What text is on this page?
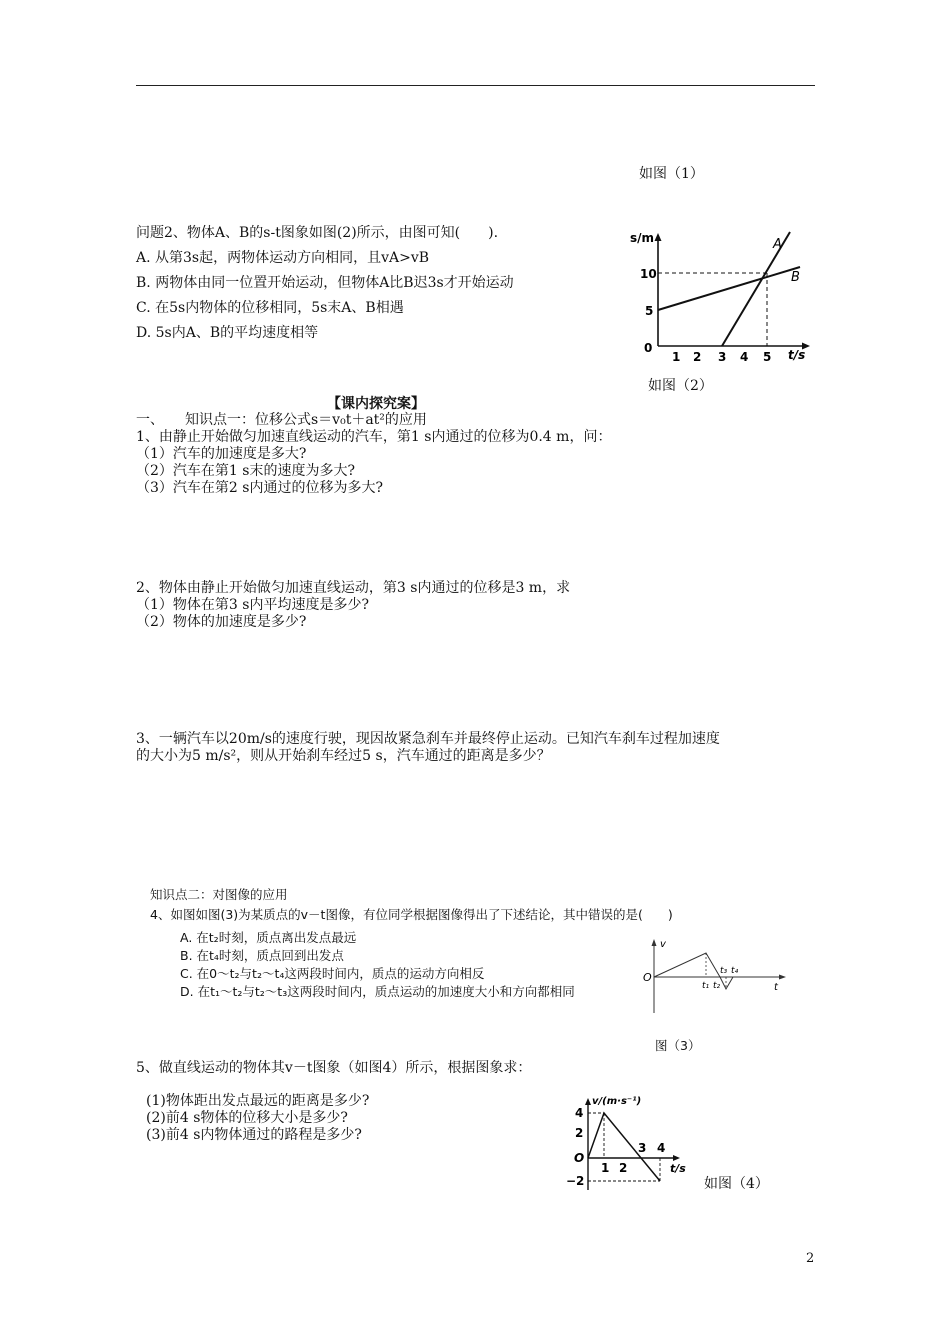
如图（1）
问题2、物体A、B的s-t图象如图(2)所示，由图可知(　　).
A. 从第3s起，两物体运动方向相同，且vA>vB
B. 两物体由同一位置开始运动，但物体A比B迟3s才开始运动
C. 在5s内物体的位移相同，5s末A、B相遇
D. 5s内A、B的平均速度相等
s/m
10
5
0
1 2 3 4 5 t/s
A
B
如图（2）
【课内探究案】
一、　　知识点一：位移公式s＝v₀t＋at²的应用
1、由静止开始做匀加速直线运动的汽车，第1 s内通过的位移为0.4 m，问：
（1）汽车的加速度是多大?
（2）汽车在第1 s末的速度为多大?
（3）汽车在第2 s内通过的位移为多大?
2、物体由静止开始做匀加速直线运动，第3 s内通过的位移是3 m，求
（1）物体在第3 s内平均速度是多少?
（2）物体的加速度是多少?
3、一辆汽车以20m/s的速度行驶，现因故紧急刹车并最终停止运动。已知汽车刹车过程加速度
的大小为5 m/s²，则从开始刹车经过5 s，汽车通过的距离是多少？
知识点二：对图像的应用
4、如图如图(3)为某质点的v－t图像，有位同学根据图像得出了下述结论，其中错误的是(　　)
A. 在t₂时刻，质点离出发点最远
B. 在t₄时刻，质点回到出发点
C. 在0～t₂与t₂～t₄这两段时间内，质点的运动方向相反
D. 在t₁～t₂与t₂～t₃这两段时间内，质点运动的加速度大小和方向都相同
v
O
t
t₁ t₂
t₃ t₄
图（3）
5、做直线运动的物体其v－t图象（如图4）所示，根据图象求：
(1)物体距出发点最远的距离是多少?
(2)前4 s物体的位移大小是多少?
(3)前4 s内物体通过的路程是多少?
v/(m·s⁻¹)
4
2
O
−2
1 2
3 4
t/s
如图（4）
2
